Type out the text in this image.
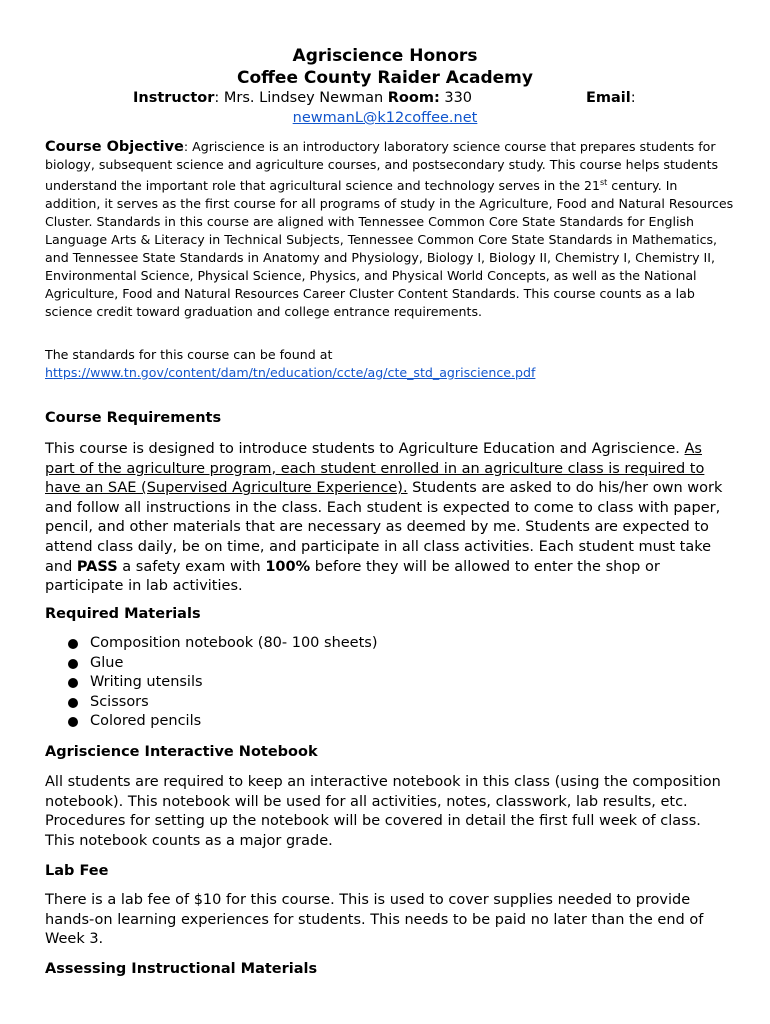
Agriscience Honors
Coffee County Raider Academy
Instructor: Mrs. Lindsey Newman Room: 330	Email:
newmanL@k12coffee.net
Course Objective: Agriscience is an introductory laboratory science course that prepares students for biology, subsequent science and agriculture courses, and postsecondary study. This course helps students understand the important role that agricultural science and technology serves in the 21st century. In addition, it serves as the first course for all programs of study in the Agriculture, Food and Natural Resources Cluster. Standards in this course are aligned with Tennessee Common Core State Standards for English Language Arts & Literacy in Technical Subjects, Tennessee Common Core State Standards in Mathematics, and Tennessee State Standards in Anatomy and Physiology, Biology I, Biology II, Chemistry I, Chemistry II, Environmental Science, Physical Science, Physics, and Physical World Concepts, as well as the National Agriculture, Food and Natural Resources Career Cluster Content Standards. This course counts as a lab science credit toward graduation and college entrance requirements.
The standards for this course can be found at
https://www.tn.gov/content/dam/tn/education/ccte/ag/cte_std_agriscience.pdf
Course Requirements
This course is designed to introduce students to Agriculture Education and Agriscience. As part of the agriculture program, each student enrolled in an agriculture class is required to have an SAE (Supervised Agriculture Experience). Students are asked to do his/her own work and follow all instructions in the class. Each student is expected to come to class with paper, pencil, and other materials that are necessary as deemed by me. Students are expected to attend class daily, be on time, and participate in all class activities. Each student must take and PASS a safety exam with 100% before they will be allowed to enter the shop or participate in lab activities.
Required Materials
Composition notebook (80- 100 sheets)
Glue
Writing utensils
Scissors
Colored pencils
Agriscience Interactive Notebook
All students are required to keep an interactive notebook in this class (using the composition notebook). This notebook will be used for all activities, notes, classwork, lab results, etc. Procedures for setting up the notebook will be covered in detail the first full week of class. This notebook counts as a major grade.
Lab Fee
There is a lab fee of $10 for this course. This is used to cover supplies needed to provide hands-on learning experiences for students. This needs to be paid no later than the end of Week 3.
Assessing Instructional Materials
